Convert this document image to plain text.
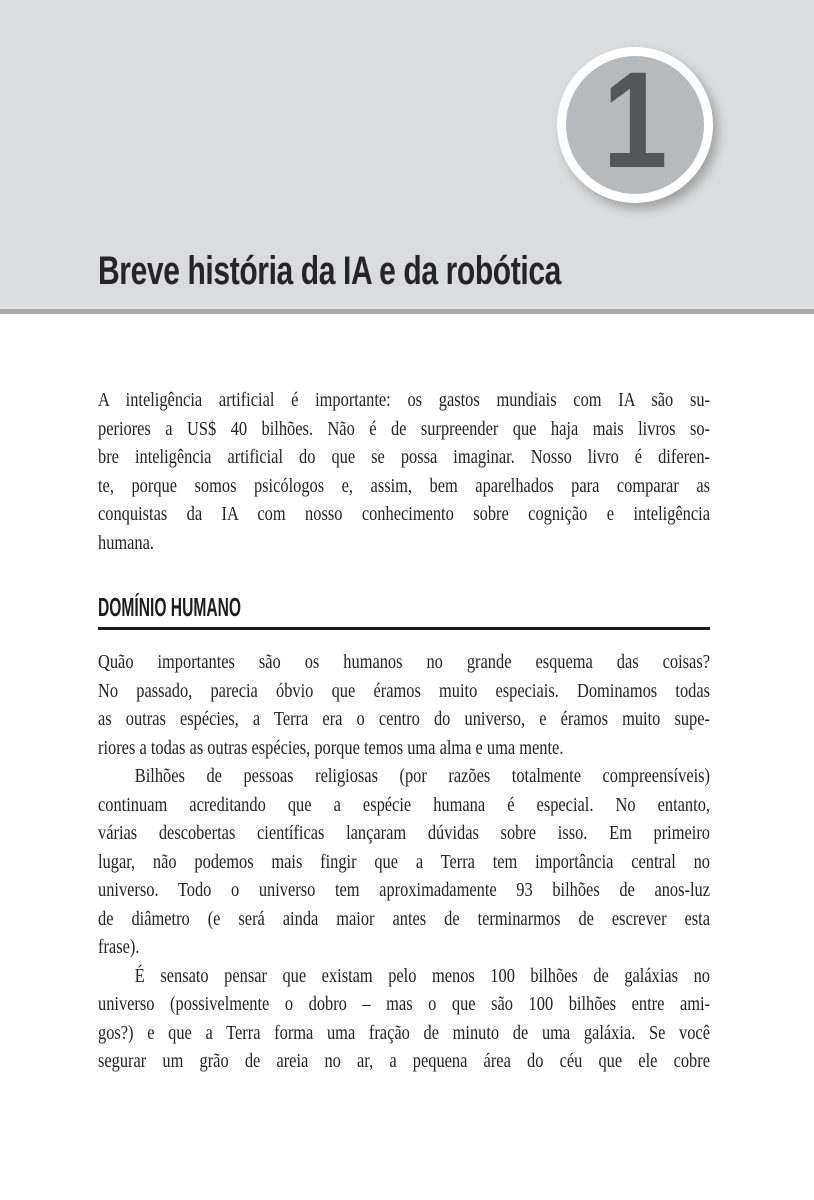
1
Breve história da IA e da robótica

A inteligência artificial é importante: os gastos mundiais com IA são su-
periores a US$ 40 bilhões. Não é de surpreender que haja mais livros so-
bre inteligência artificial do que se possa imaginar. Nosso livro é diferen-
te, porque somos psicólogos e, assim, bem aparelhados para comparar as
conquistas da IA com nosso conhecimento sobre cognição e inteligência
humana.

DOMÍNIO HUMANO

Quão importantes são os humanos no grande esquema das coisas?
No passado, parecia óbvio que éramos muito especiais. Dominamos todas
as outras espécies, a Terra era o centro do universo, e éramos muito supe-
riores a todas as outras espécies, porque temos uma alma e uma mente.

Bilhões de pessoas religiosas (por razões totalmente compreensíveis)
continuam acreditando que a espécie humana é especial. No entanto,
várias descobertas científicas lançaram dúvidas sobre isso. Em primeiro
lugar, não podemos mais fingir que a Terra tem importância central no
universo. Todo o universo tem aproximadamente 93 bilhões de anos-luz
de diâmetro (e será ainda maior antes de terminarmos de escrever esta
frase).

É sensato pensar que existam pelo menos 100 bilhões de galáxias no
universo (possivelmente o dobro – mas o que são 100 bilhões entre ami-
gos?) e que a Terra forma uma fração de minuto de uma galáxia. Se você
segurar um grão de areia no ar, a pequena área do céu que ele cobre
